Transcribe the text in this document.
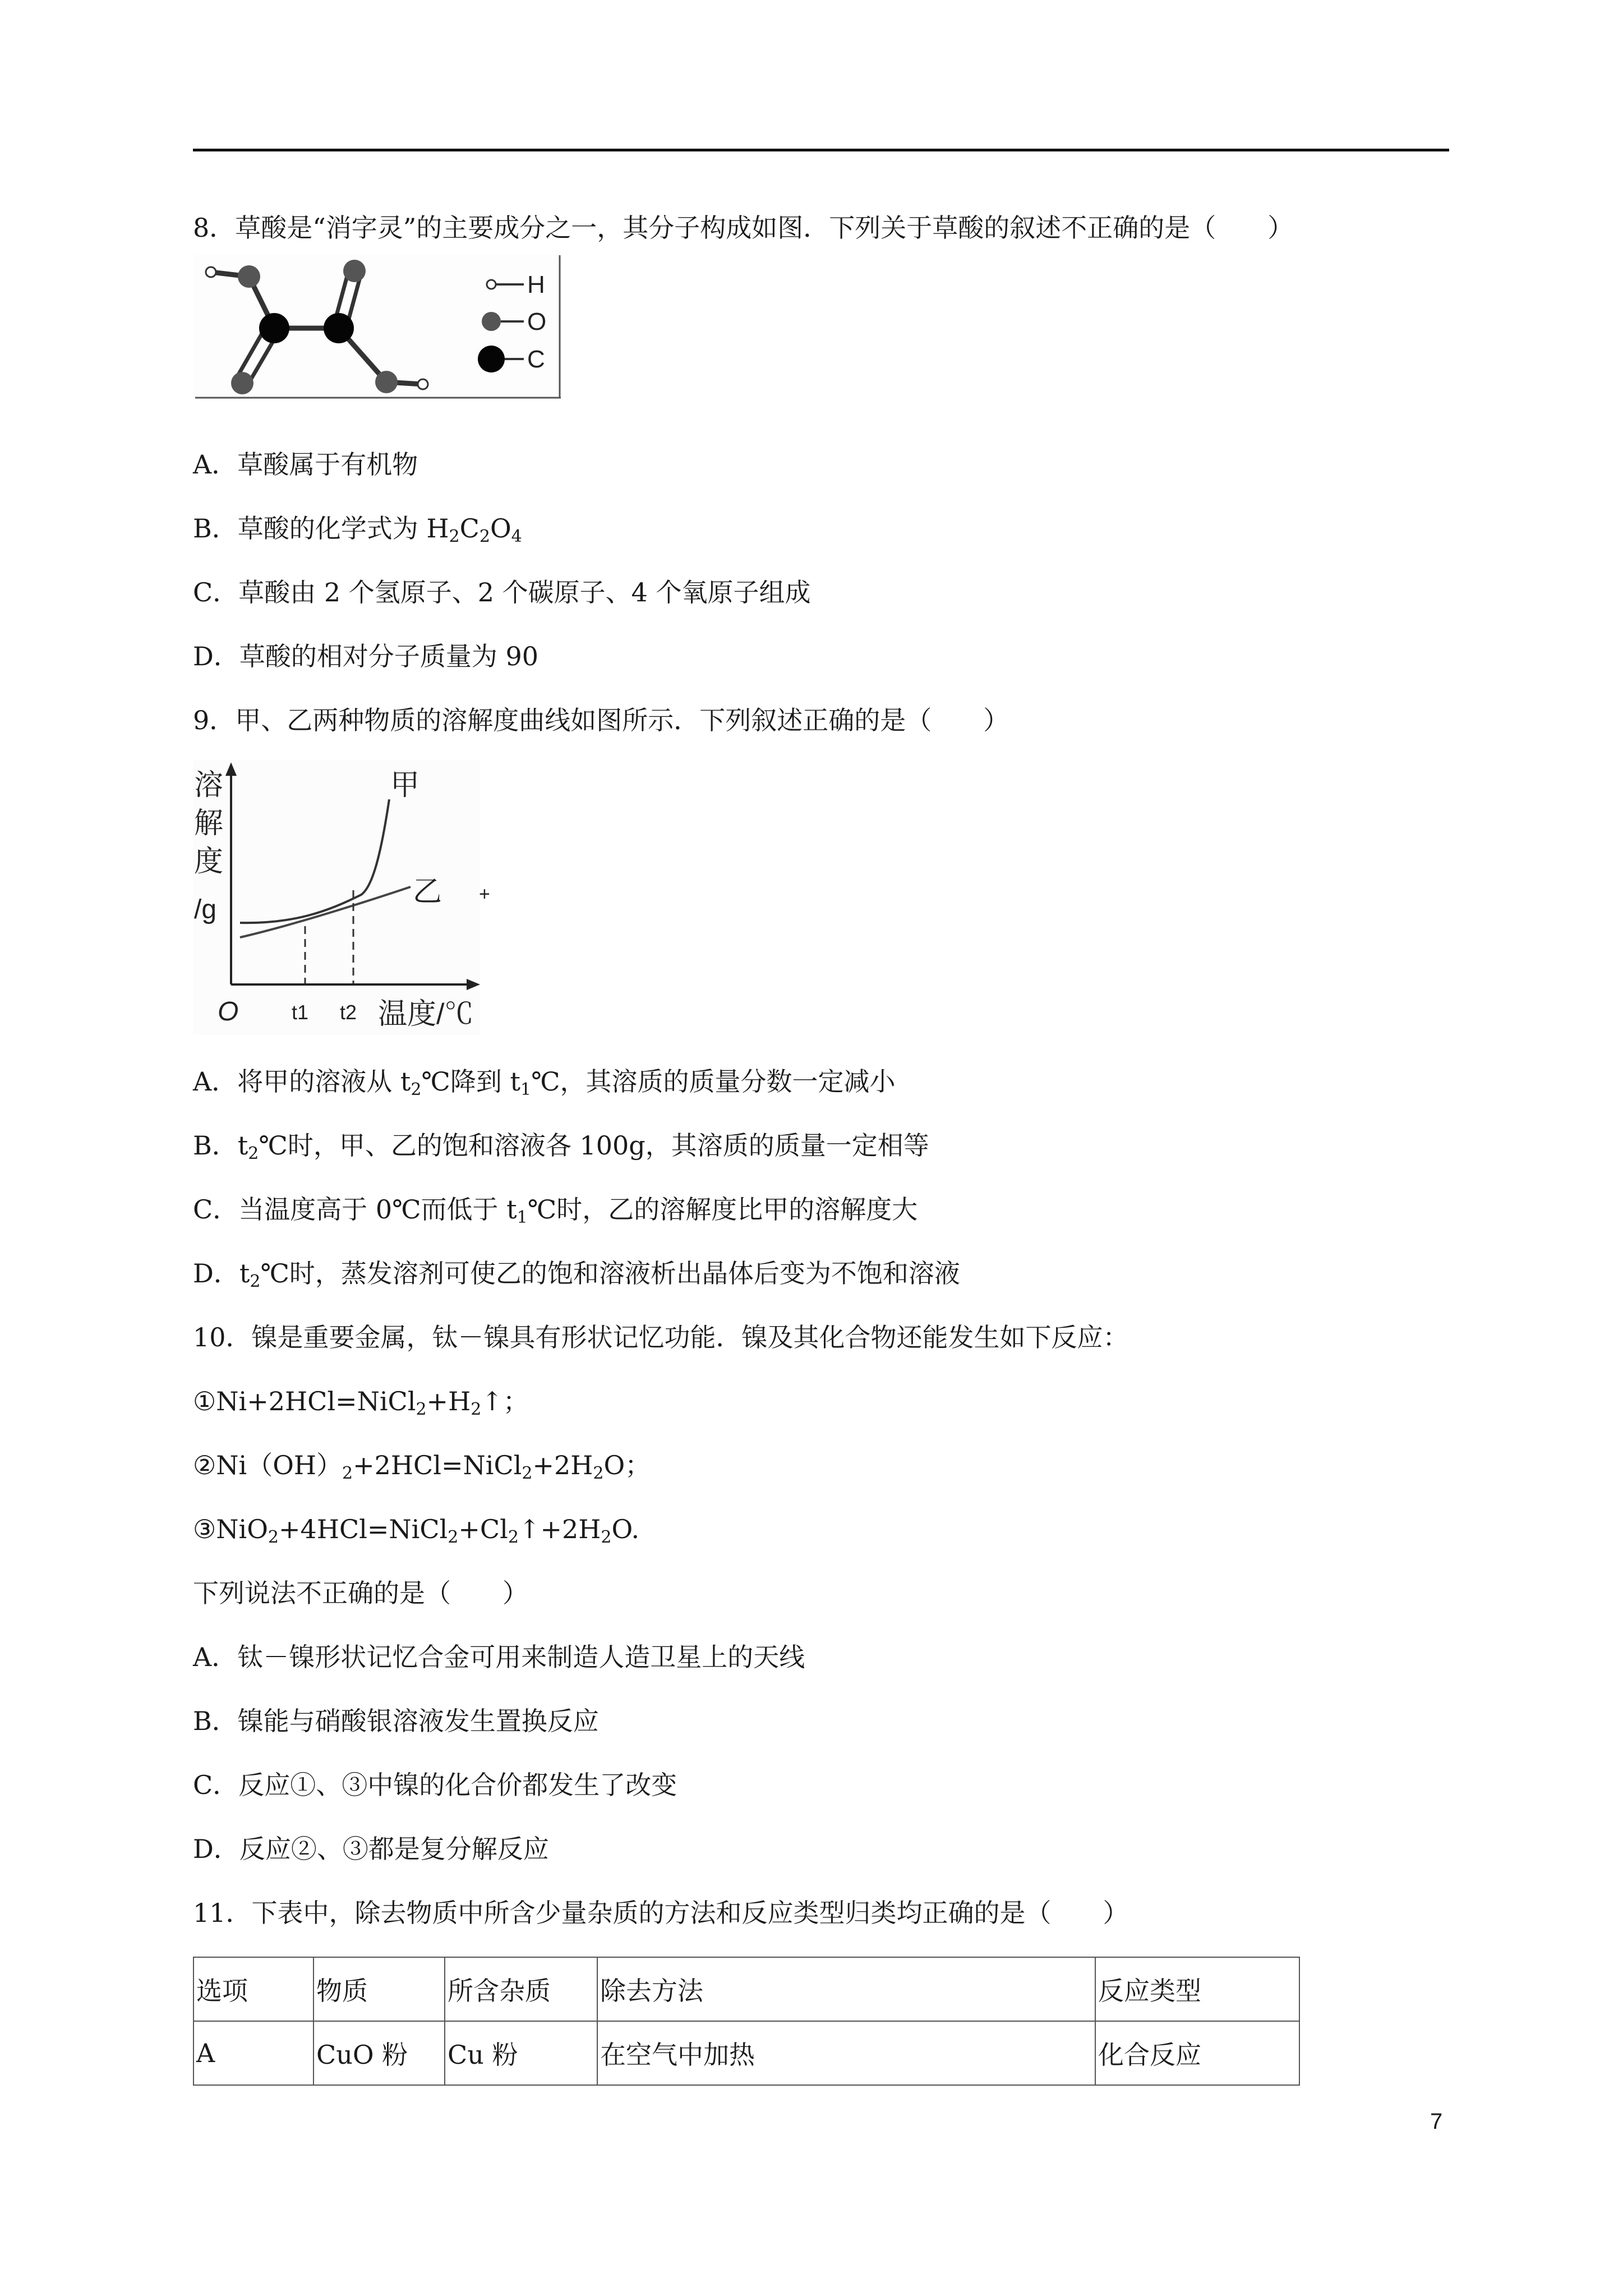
8．草酸是“消字灵”的主要成分之一，其分子构成如图．下列关于草酸的叙述不正确的是（　　）
H
O
C
A．草酸属于有机物
B．草酸的化学式为 $H_2C_2O_4$
C．草酸由 2 个氢原子、2 个碳原子、4 个氧原子组成
D．草酸的相对分子质量为 90
9．甲、乙两种物质的溶解度曲线如图所示．下列叙述正确的是（　　）
溶
解
度
/g
O	t1 t2 温度/℃
甲
乙 +
A．将甲的溶液从 $t_2℃$降到 $t_1℃$，其溶质的质量分数一定减小
B．$t_2℃$时，甲、乙的饱和溶液各 100g，其溶质的质量一定相等
C．当温度高于 0℃而低于 $t_1℃$时，乙的溶解度比甲的溶解度大
D．$t_2℃$时，蒸发溶剂可使乙的饱和溶液析出晶体后变为不饱和溶液
10．镍是重要金属，钛－镍具有形状记忆功能．镍及其化合物还能发生如下反应：
$①Ni+2HCl=NiCl_2+H_2↑$；
$②Ni(OH)_2+2HCl=NiCl_2+2H_2O$；
$③NiO_2+4HCl=NiCl_2+Cl_2↑+2H_2O$.
下列说法不正确的是（　　）
A．钛－镍形状记忆合金可用来制造人造卫星上的天线
B．镍能与硝酸银溶液发生置换反应
C．反应①、③中镍的化合价都发生了改变
D．反应②、③都是复分解反应
11．下表中，除去物质中所含少量杂质的方法和反应类型归类均正确的是（　　）
选项	物质	所含杂质	除去方法	反应类型
A	CuO 粉	Cu 粉	在空气中加热	化合反应
7
